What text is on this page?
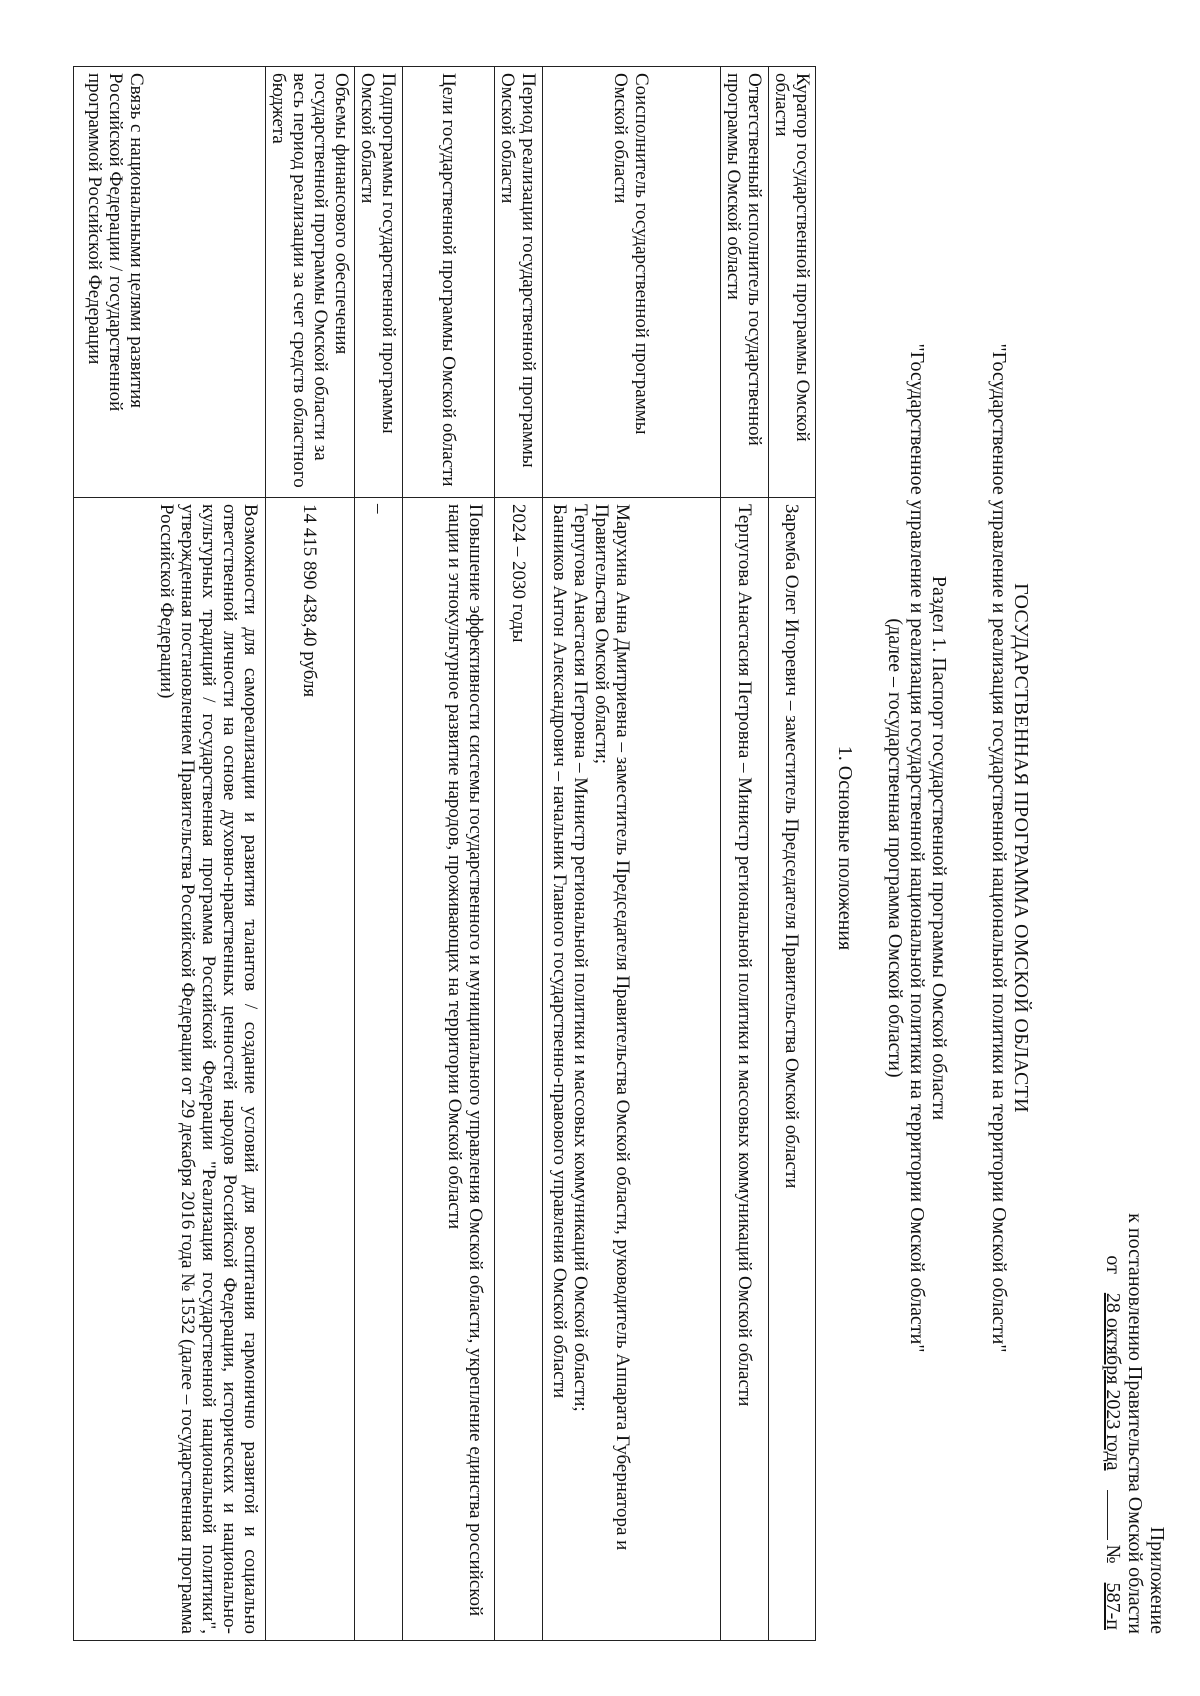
Приложение
к постановлению Правительства Омской области
от 28 октября 2023 года  № 587-п
ГОСУДАРСТВЕННАЯ ПРОГРАММА ОМСКОЙ ОБЛАСТИ
"Государственное управление и реализация государственной национальной политики на территории Омской области"
Раздел 1. Паспорт государственной программы Омской области
"Государственное управление и реализация государственной национальной политики на территории Омской области"
(далее – государственная программа Омской области)
1. Основные положения
Куратор государственной программы Омской области	Заремба Олег Игоревич – заместитель Председателя Правительства Омской области
Ответственный исполнитель государственной программы Омской области	Терпугова Анастасия Петровна – Министр региональной политики и массовых коммуникаций Омской области
Соисполнитель государственной программы Омской области	Марухина Анна Дмитриевна – заместитель Председателя Правительства Омской области, руководитель Аппарата Губернатора и Правительства Омской области;
Терпугова Анастасия Петровна – Министр региональной политики и массовых коммуникаций Омской области;
Банников Антон Александрович – начальник Главного государственно-правового управления Омской области
Период реализации государственной программы Омской области	2024 – 2030 годы
Цели государственной программы Омской области	Повышение эффективности системы государственного и муниципального управления Омской области, укрепление единства российской нации и этнокультурное развитие народов, проживающих на территории Омской области
Подпрограммы государственной программы Омской области	–
Объемы финансового обеспечения государственной программы Омской области за весь период реализации за счет средств областного бюджета	14 415 890 438,40 рубля
Связь с национальными целями развития Российской Федерации / государственной программой Российской Федерации	Возможности для самореализации и развития талантов / создание условий для воспитания гармонично развитой и социально ответственной личности на основе духовно-нравственных ценностей народов Российской Федерации, исторических и национально-культурных традиций / государственная программа Российской Федерации "Реализация государственной национальной политики", утвержденная постановлением Правительства Российской Федерации от 29 декабря 2016 года № 1532 (далее – государственная программа Российской Федерации)
